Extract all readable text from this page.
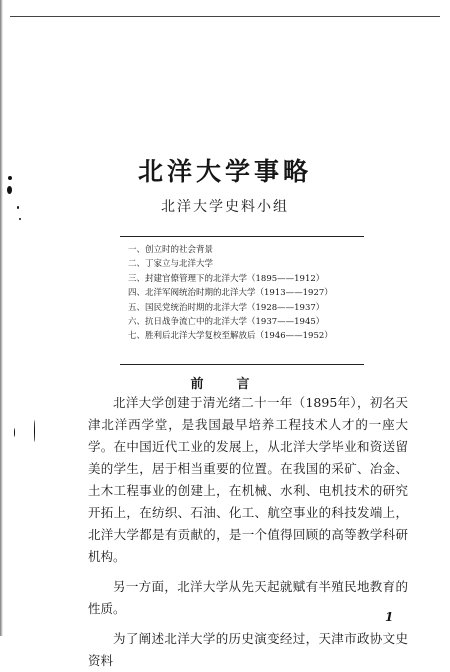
北洋大学事略
北洋大学史料小组
一、创立时的社会背景
二、丁家立与北洋大学
三、封建官僚管理下的北洋大学（1895——1912）
四、北洋军阀统治时期的北洋大学（1913——1927）
五、国民党统治时期的北洋大学（1928——1937）
六、抗日战争流亡中的北洋大学（1937——1945）
七、胜利后北洋大学复校至解放后（1946——1952）
前　言

北洋大学创建于清光绪二十一年（1895年），初名天津北洋西学堂，是我国最早培养工程技术人才的一座大学。在中国近代工业的发展上，从北洋大学毕业和资送留美的学生，居于相当重要的位置。在我国的采矿、冶金、土木工程事业的创建上，在机械、水利、电机技术的研究开拓上，在纺织、石油、化工、航空事业的科技发端上，北洋大学都是有贡献的，是一个值得回顾的高等教学科研机构。

另一方面，北洋大学从先天起就赋有半殖民地教育的性质。

为了阐述北洋大学的历史演变经过，天津市政协文史资料

1
